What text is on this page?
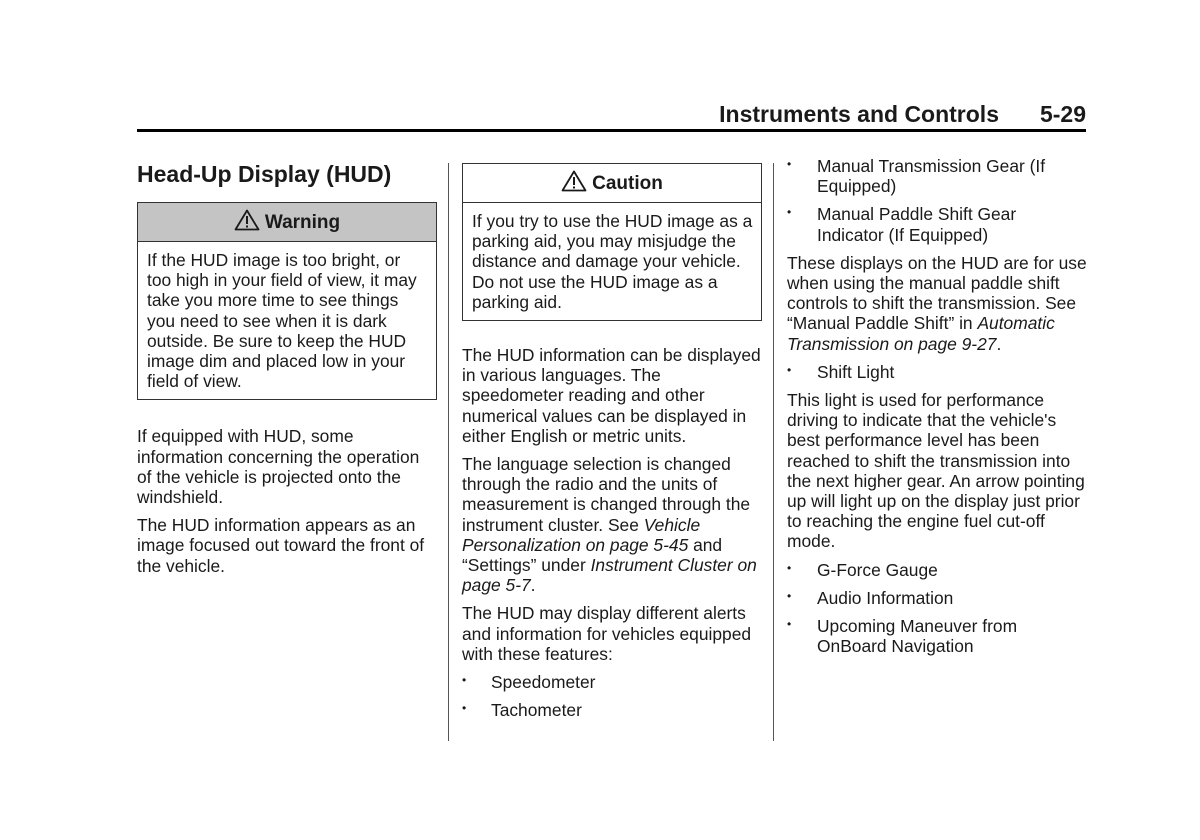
Instruments and Controls 5-29
Head-Up Display (HUD)
Warning
If the HUD image is too bright, or too high in your field of view, it may take you more time to see things you need to see when it is dark outside. Be sure to keep the HUD image dim and placed low in your field of view.

If equipped with HUD, some information concerning the operation of the vehicle is projected onto the windshield.

The HUD information appears as an image focused out toward the front of the vehicle.

Caution
If you try to use the HUD image as a parking aid, you may misjudge the distance and damage your vehicle. Do not use the HUD image as a parking aid.

The HUD information can be displayed in various languages. The speedometer reading and other numerical values can be displayed in either English or metric units.

The language selection is changed through the radio and the units of measurement is changed through the instrument cluster. See Vehicle Personalization on page 5-45 and “Settings” under Instrument Cluster on page 5-7.

The HUD may display different alerts and information for vehicles equipped with these features:

• Speedometer
• Tachometer
• Manual Transmission Gear (If Equipped)
• Manual Paddle Shift Gear Indicator (If Equipped)

These displays on the HUD are for use when using the manual paddle shift controls to shift the transmission. See “Manual Paddle Shift” in Automatic Transmission on page 9-27.

• Shift Light

This light is used for performance driving to indicate that the vehicle's best performance level has been reached to shift the transmission into the next higher gear. An arrow pointing up will light up on the display just prior to reaching the engine fuel cut-off mode.

• G-Force Gauge
• Audio Information
• Upcoming Maneuver from OnBoard Navigation
